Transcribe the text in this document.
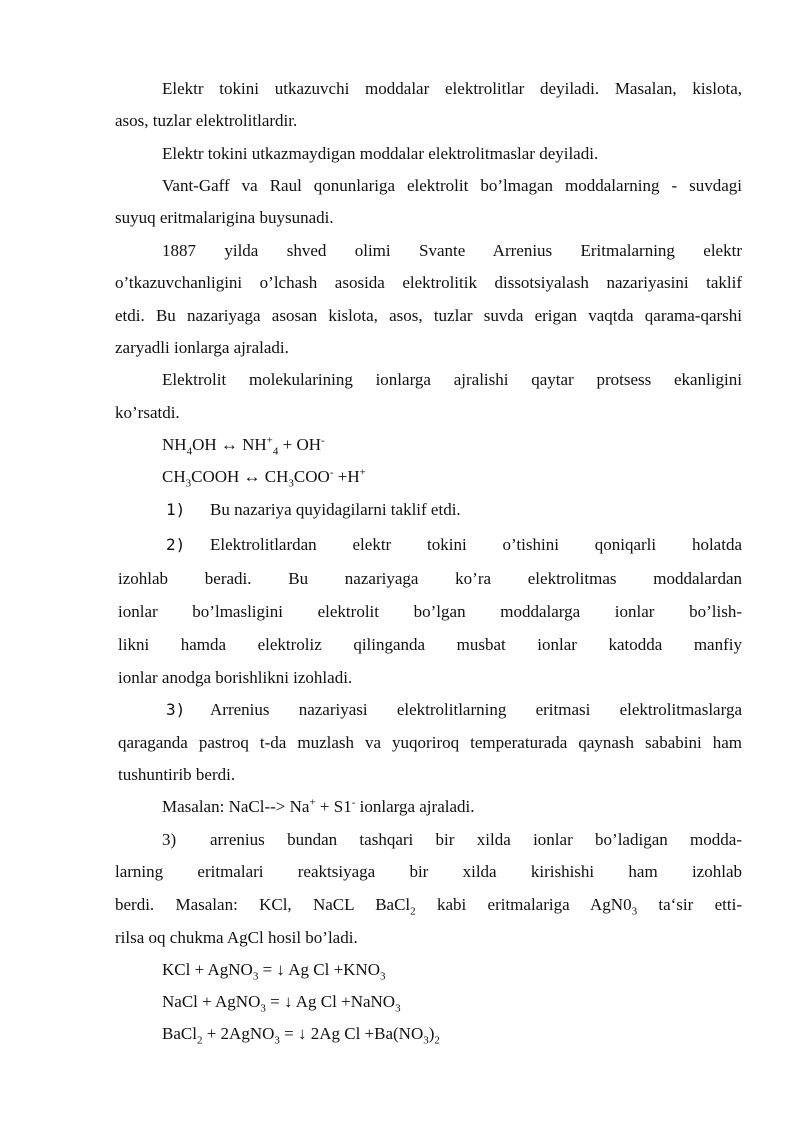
Elektr tokini utkazuvchi moddalar elektrolitlar deyiladi. Masalan, kislota,
asos, tuzlar elektrolitlardir.
Elektr tokini utkazmaydigan moddalar elektrolitmaslar deyiladi.
Vant-Gaff va Raul qonunlariga elektrolit bo’lmagan moddalarning - suvdagi
suyuq eritmalarigina buysunadi.
1887 yilda shved olimi Svante Arrenius Eritmalarning elektr
o’tkazuvchanligini o’lchash asosida elektrolitik dissotsiyalash nazariyasini taklif
etdi. Bu nazariyaga asosan kislota, asos, tuzlar suvda erigan vaqtda qarama-qarshi
zaryadli ionlarga ajraladi.
Elektrolit molekularining ionlarga ajralishi qaytar protsess ekanligini
ko’rsatdi.
$NH_4OH$ ↔ $NH^+_4 + OH^-$
$CH_3COOH$ ↔ $CH_3COO^- +H^+$
1) Bu nazariya quyidagilarni taklif etdi.
2) Elektrolitlardan elektr tokini o’tishini qoniqarli holatda
izohlab beradi. Bu nazariyaga ko’ra elektrolitmas moddalardan
ionlar bo’lmasligini elektrolit bo’lgan moddalarga ionlar bo’lish-
likni hamda elektroliz qilinganda musbat ionlar katodda manfiy
ionlar anodga borishlikni izohladi.
3) Arrenius nazariyasi elektrolitlarning eritmasi elektrolitmaslarga
qaraganda pastroq t-da muzlash va yuqoriroq temperaturada qaynash sababini ham
tushuntirib berdi.
Masalan: NaCl--> Na+ + S1- ionlarga ajraladi.
3) arrenius bundan tashqari bir xilda ionlar bo’ladigan modda-
larning eritmalari reaktsiyaga bir xilda kirishishi ham izohlab
berdi. Masalan: KCl, NaCL BaCl$_2$ kabi eritmalariga $AgN0_3$ ta‘sir etti-
rilsa oq chukma AgCl hosil bo’ladi.
KCl + AgNO$_3$ = ↓ Ag $Cl +KNO_3$
NaCl + AgNO$_3$ = ↓ Ag Cl +NaNO$_3$
BaCl$_2$ + 2AgNO$_3$ = ↓ 2Ag $Cl +Ba(NO_3)_2$
